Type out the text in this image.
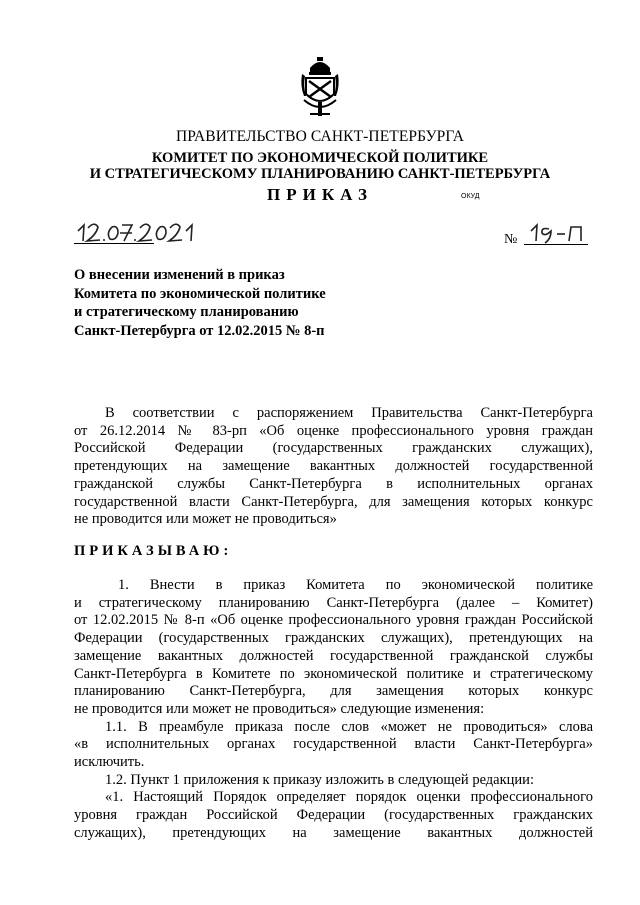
ПРАВИТЕЛЬСТВО САНКТ-ПЕТЕРБУРГА
КОМИТЕТ ПО ЭКОНОМИЧЕСКОЙ ПОЛИТИКЕ
И СТРАТЕГИЧЕСКОМУ ПЛАНИРОВАНИЮ САНКТ-ПЕТЕРБУРГА
ПРИКАЗ	ОКУД
№
О внесении изменений в приказ
Комитета по экономической политике
и стратегическому планированию
Санкт-Петербурга от 12.02.2015 № 8-п
В соответствии с распоряжением Правительства Санкт-Петербурга
от 26.12.2014 № 83-рп «Об оценке профессионального уровня граждан
Российской Федерации (государственных гражданских служащих),
претендующих на замещение вакантных должностей государственной
гражданской службы Санкт-Петербурга в исполнительных органах
государственной власти Санкт-Петербурга, для замещения которых конкурс
не проводится или может не проводиться»
ПРИКАЗЫВАЮ:
1. Внести в приказ Комитета по экономической политике
и стратегическому планированию Санкт-Петербурга (далее – Комитет)
от 12.02.2015 № 8-п «Об оценке профессионального уровня граждан Российской
Федерации (государственных гражданских служащих), претендующих на
замещение вакантных должностей государственной гражданской службы
Санкт-Петербурга в Комитете по экономической политике и стратегическому
планированию Санкт-Петербурга, для замещения которых конкурс
не проводится или может не проводиться» следующие изменения:
1.1. В преамбуле приказа после слов «может не проводиться» слова
«в исполнительных органах государственной власти Санкт-Петербурга»
исключить.
1.2. Пункт 1 приложения к приказу изложить в следующей редакции:
«1. Настоящий Порядок определяет порядок оценки профессионального
уровня граждан Российской Федерации (государственных гражданских
служащих), претендующих на замещение вакантных должностей
